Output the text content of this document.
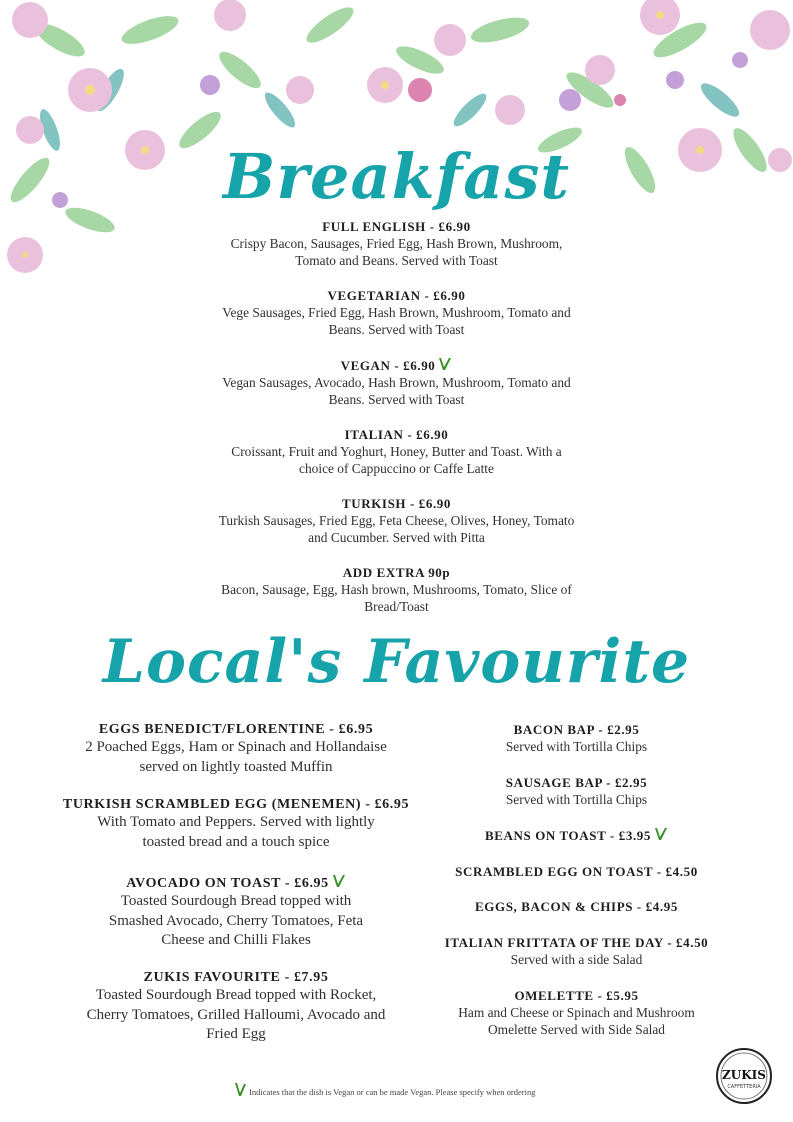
Breakfast
Local's Favourite
FULL ENGLISH - £6.90
Crispy Bacon, Sausages, Fried Egg, Hash Brown, Mushroom,
Tomato and Beans. Served with Toast
VEGETARIAN - £6.90
Vege Sausages, Fried Egg, Hash Brown, Mushroom, Tomato and
Beans. Served with Toast
VEGAN - £6.90
Vegan Sausages, Avocado, Hash Brown, Mushroom, Tomato and
Beans. Served with Toast
ITALIAN - £6.90
Croissant, Fruit and Yoghurt, Honey, Butter and Toast. With a
choice of Cappuccino or Caffe Latte
TURKISH - £6.90
Turkish Sausages, Fried Egg, Feta Cheese, Olives, Honey, Tomato
and Cucumber. Served with Pitta
ADD EXTRA 90p
Bacon, Sausage, Egg, Hash brown, Mushrooms, Tomato, Slice of
Bread/Toast
EGGS BENEDICT/FLORENTINE - £6.95
2 Poached Eggs, Ham or Spinach and Hollandaise
served on lightly toasted Muffin
TURKISH SCRAMBLED EGG (MENEMEN) - £6.95
With Tomato and Peppers. Served with lightly
toasted bread and a touch spice
AVOCADO ON TOAST - £6.95
Toasted Sourdough Bread topped with
Smashed Avocado, Cherry Tomatoes, Feta
Cheese and Chilli Flakes
ZUKIS FAVOURITE - £7.95
Toasted Sourdough Bread topped with Rocket,
Cherry Tomatoes, Grilled Halloumi, Avocado and
Fried Egg
BACON BAP - £2.95
Served with Tortilla Chips
SAUSAGE BAP - £2.95
Served with Tortilla Chips
BEANS ON TOAST - £3.95
SCRAMBLED EGG ON TOAST - £4.50
EGGS, BACON & CHIPS - £4.95
ITALIAN FRITTATA OF THE DAY - £4.50
Served with a side Salad
OMELETTE - £5.95
Ham and Cheese or Spinach and Mushroom
Omelette Served with Side Salad
Indicates that the dish is Vegan or can be made Vegan. Please specify when ordering
ZUKIS
CAFFETTERIA
